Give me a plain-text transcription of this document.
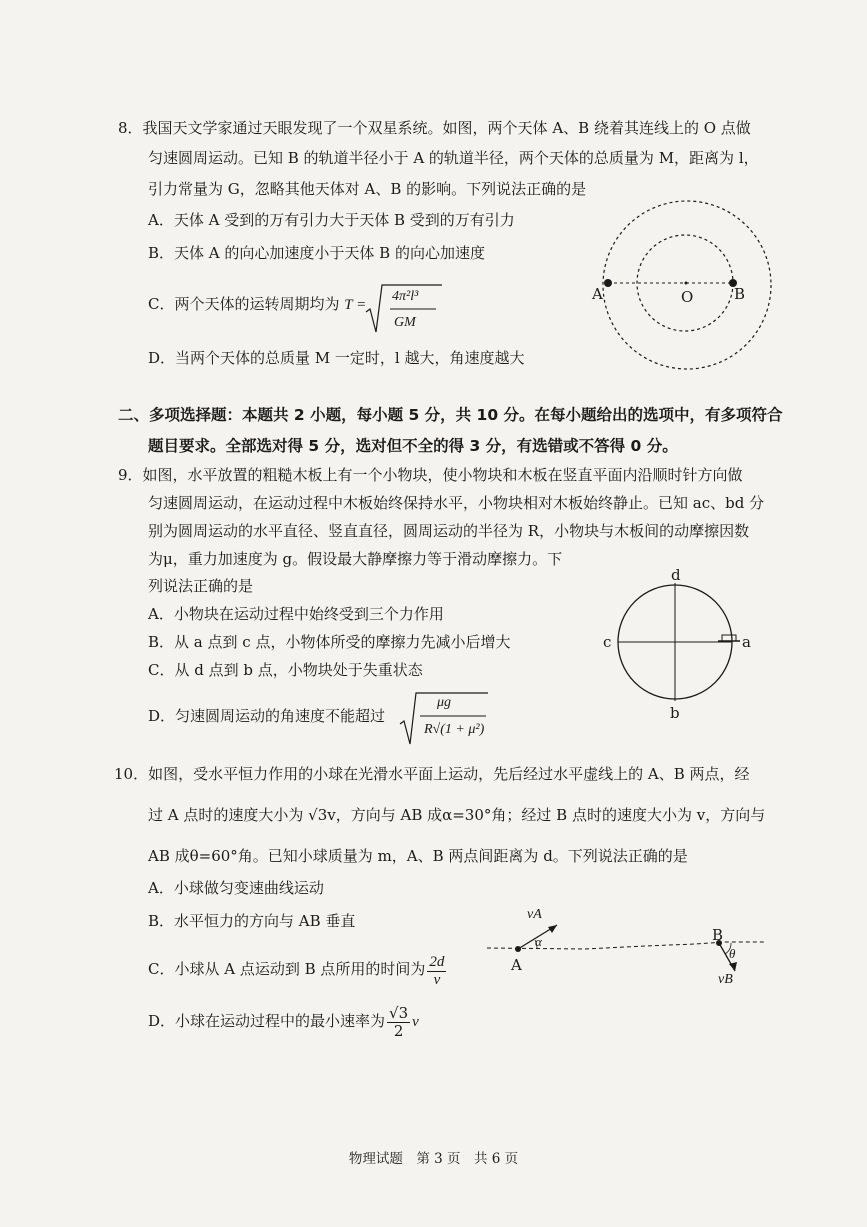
8．我国天文学家通过天眼发现了一个双星系统。如图，两个天体 A、B 绕着其连线上的 O 点做
匀速圆周运动。已知 B 的轨道半径小于 A 的轨道半径，两个天体的总质量为 M，距离为 l，
引力常量为 G，忽略其他天体对 A、B 的影响。下列说法正确的是
A．天体 A 受到的万有引力大于天体 B 受到的万有引力
B．天体 A 的向心加速度小于天体 B 的向心加速度
C．两个天体的运转周期均为 T =
4π²l³
GM
D．当两个天体的总质量 M 一定时，l 越大，角速度越大
A	O	B
二、多项选择题：本题共 2 小题，每小题 5 分，共 10 分。在每小题给出的选项中，有多项符合
题目要求。全部选对得 5 分，选对但不全的得 3 分，有选错或不答得 0 分。
9．如图，水平放置的粗糙木板上有一个小物块，使小物块和木板在竖直平面内沿顺时针方向做
匀速圆周运动，在运动过程中木板始终保持水平，小物块相对木板始终静止。已知 ac、bd 分
别为圆周运动的水平直径、竖直直径，圆周运动的半径为 R，小物块与木板间的动摩擦因数
为μ，重力加速度为 g。假设最大静摩擦力等于滑动摩擦力。下
列说法正确的是
A．小物块在运动过程中始终受到三个力作用
B．从 a 点到 c 点，小物体所受的摩擦力先减小后增大
C．从 d 点到 b 点，小物块处于失重状态
D．匀速圆周运动的角速度不能超过
μg
R√(1 + μ²)
d
b
c	a
10．如图，受水平恒力作用的小球在光滑水平面上运动，先后经过水平虚线上的 A、B 两点，经
过 A 点时的速度大小为 √3v，方向与 AB 成α=30°角；经过 B 点时的速度大小为 v，方向与
AB 成θ=60°角。已知小球质量为 m，A、B 两点间距离为 d。下列说法正确的是
A．小球做匀变速曲线运动
B．水平恒力的方向与 AB 垂直
C．小球从 A 点运动到 B 点所用的时间为 $\frac{2d}{v}$
D．小球在运动过程中的最小速率为 $\frac{√3}{2}$ v
vA
α
A
B
θ
vB
物理试题　第 3 页　共 6 页
